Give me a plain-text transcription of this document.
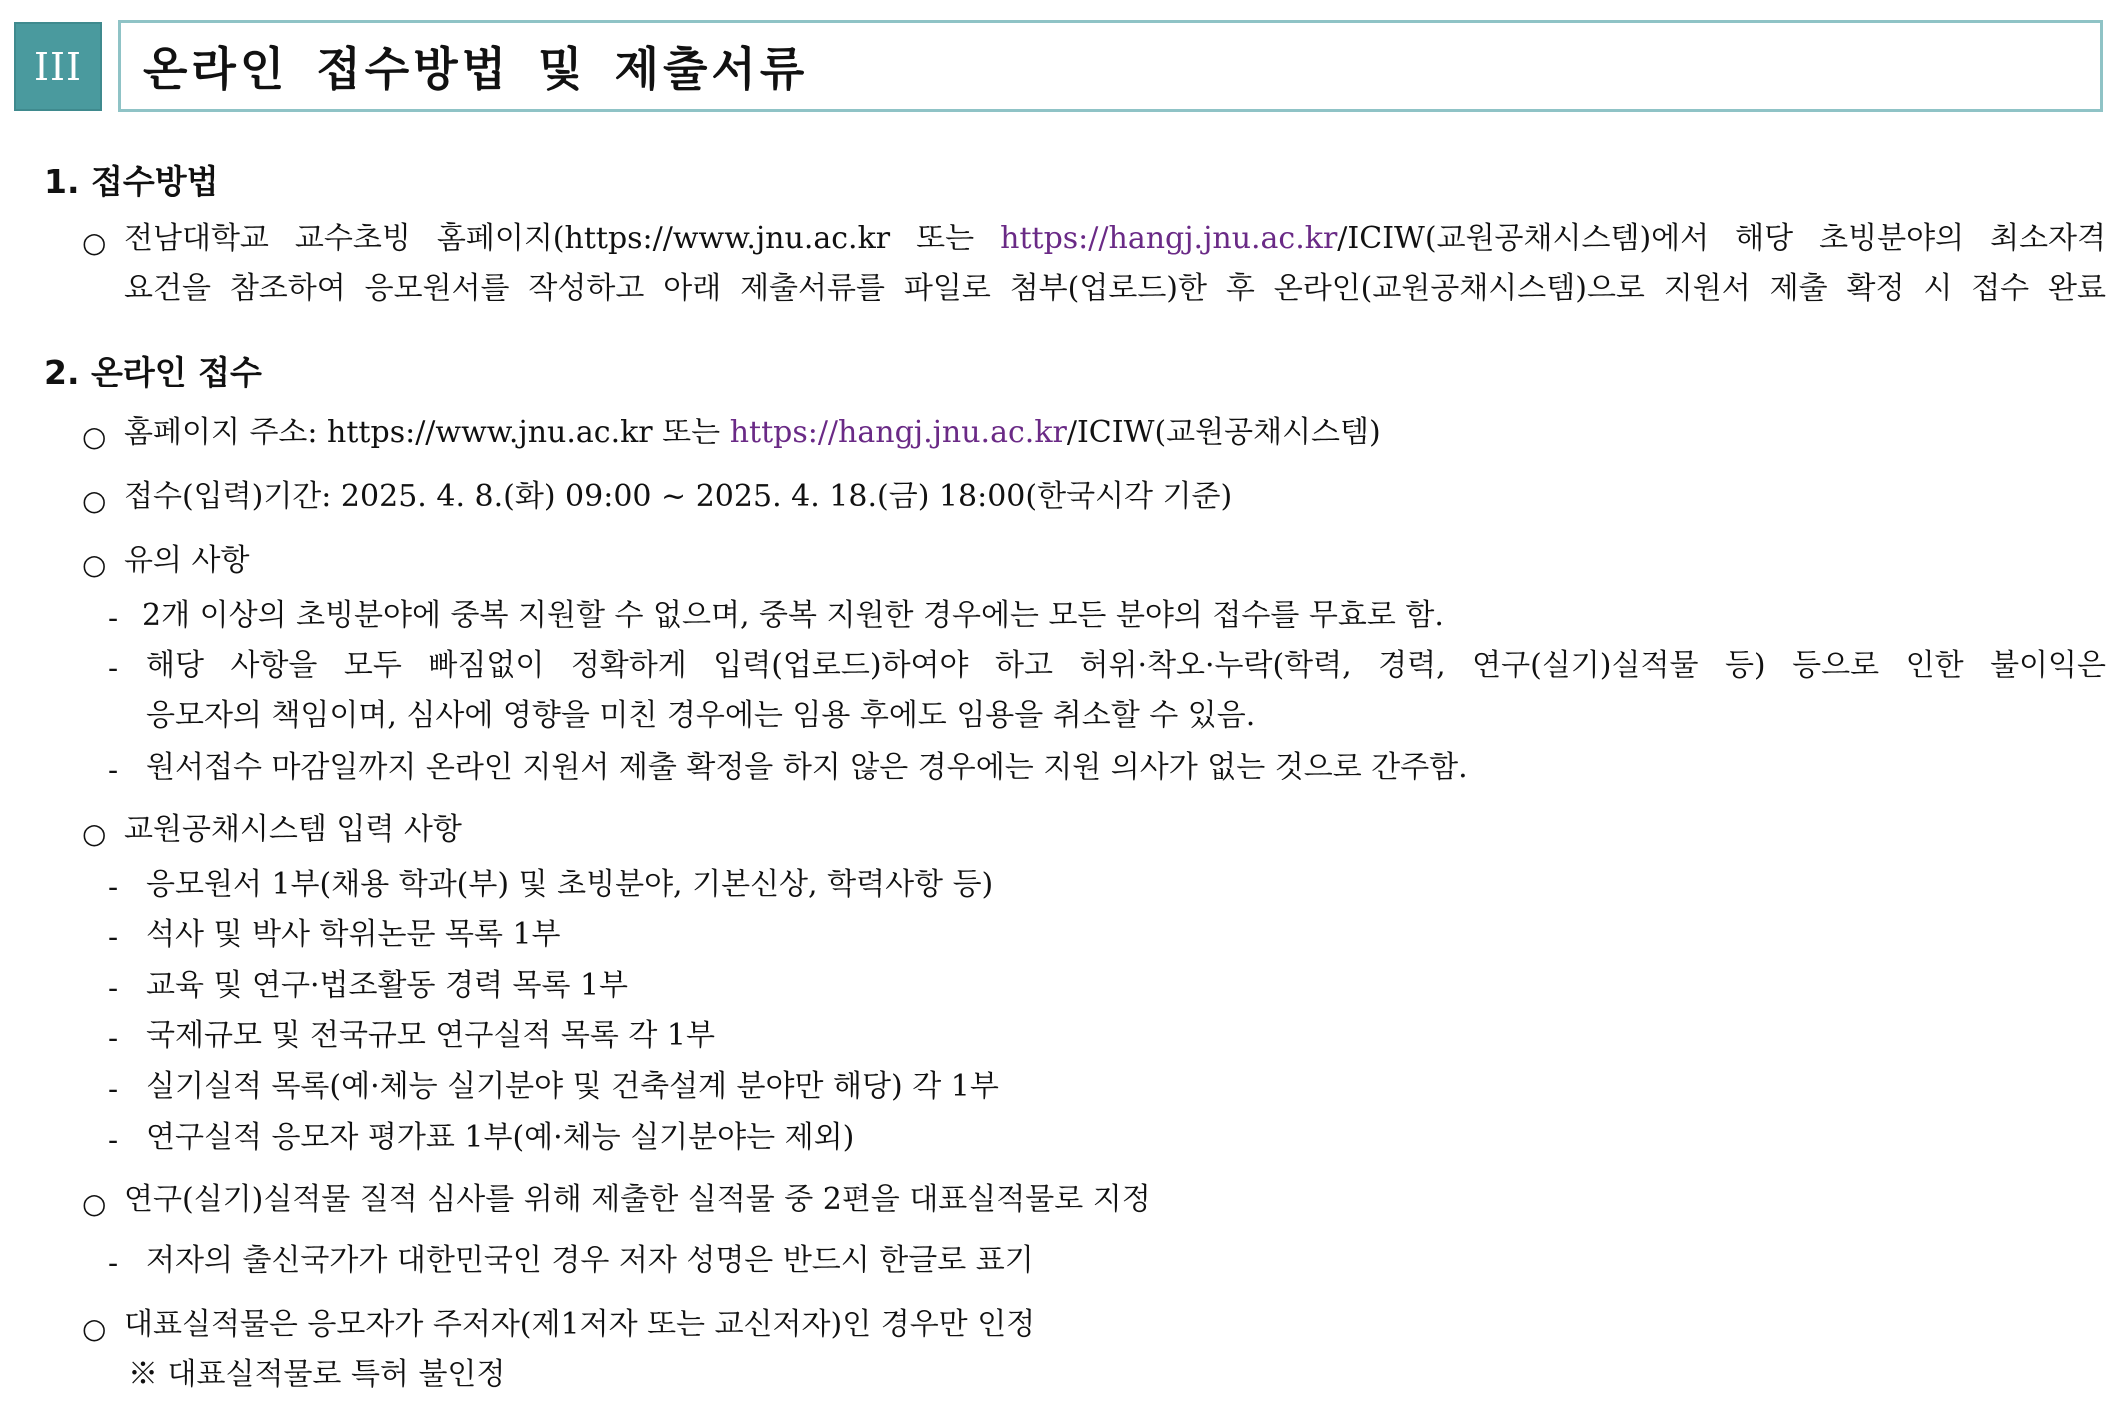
III 온라인 접수방법 및 제출서류
1. 접수방법
○ 전남대학교 교수초빙 홈페이지(https://www.jnu.ac.kr 또는 https://hangj.jnu.ac.kr/ICIW(교원공채시스템)에서 해당 초빙분야의 최소자격
요건을 참조하여 응모원서를 작성하고 아래 제출서류를 파일로 첨부(업로드)한 후 온라인(교원공채시스템)으로 지원서 제출 확정 시 접수 완료
2. 온라인 접수
○ 홈페이지 주소: https://www.jnu.ac.kr 또는 https://hangj.jnu.ac.kr/ICIW(교원공채시스템)
○ 접수(입력)기간: 2025. 4. 8.(화) 09:00 ~ 2025. 4. 18.(금) 18:00(한국시각 기준)
○ 유의 사항
- 2개 이상의 초빙분야에 중복 지원할 수 없으며, 중복 지원한 경우에는 모든 분야의 접수를 무효로 함.
- 해당 사항을 모두 빠짐없이 정확하게 입력(업로드)하여야 하고 허위·착오·누락(학력, 경력, 연구(실기)실적물 등) 등으로 인한 불이익은
응모자의 책임이며, 심사에 영향을 미친 경우에는 임용 후에도 임용을 취소할 수 있음.
- 원서접수 마감일까지 온라인 지원서 제출 확정을 하지 않은 경우에는 지원 의사가 없는 것으로 간주함.
○ 교원공채시스템 입력 사항
- 응모원서 1부(채용 학과(부) 및 초빙분야, 기본신상, 학력사항 등)
- 석사 및 박사 학위논문 목록 1부
- 교육 및 연구·법조활동 경력 목록 1부
- 국제규모 및 전국규모 연구실적 목록 각 1부
- 실기실적 목록(예·체능 실기분야 및 건축설계 분야만 해당) 각 1부
- 연구실적 응모자 평가표 1부(예·체능 실기분야는 제외)
○ 연구(실기)실적물 질적 심사를 위해 제출한 실적물 중 2편을 대표실적물로 지정
- 저자의 출신국가가 대한민국인 경우 저자 성명은 반드시 한글로 표기
○ 대표실적물은 응모자가 주저자(제1저자 또는 교신저자)인 경우만 인정
※ 대표실적물로 특허 불인정
